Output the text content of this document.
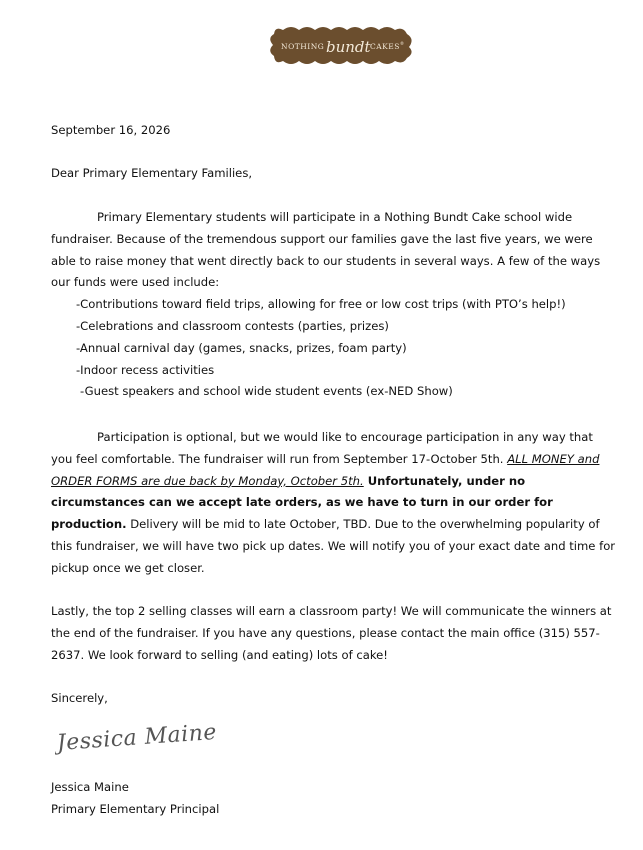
NOTHING bundt CAKES ®
September 16, 2026
Dear Primary Elementary Families,
Primary Elementary students will participate in a Nothing Bundt Cake school wide fundraiser. Because of the tremendous support our families gave the last five years, we were able to raise money that went directly back to our students in several ways. A few of the ways our funds were used include:
-Contributions toward field trips, allowing for free or low cost trips (with PTO’s help!)
-Celebrations and classroom contests (parties, prizes)
-Annual carnival day (games, snacks, prizes, foam party)
-Indoor recess activities
-Guest speakers and school wide student events (ex-NED Show)
Participation is optional, but we would like to encourage participation in any way that you feel comfortable. The fundraiser will run from September 17-October 5th. ALL MONEY and ORDER FORMS are due back by Monday, October 5th. Unfortunately, under no circumstances can we accept late orders, as we have to turn in our order for production. Delivery will be mid to late October, TBD. Due to the overwhelming popularity of this fundraiser, we will have two pick up dates. We will notify you of your exact date and time for pickup once we get closer.
Lastly, the top 2 selling classes will earn a classroom party! We will communicate the winners at the end of the fundraiser. If you have any questions, please contact the main office (315) 557-2637. We look forward to selling (and eating) lots of cake!
Sincerely,
Jessica Maine
Jessica Maine
Primary Elementary Principal
